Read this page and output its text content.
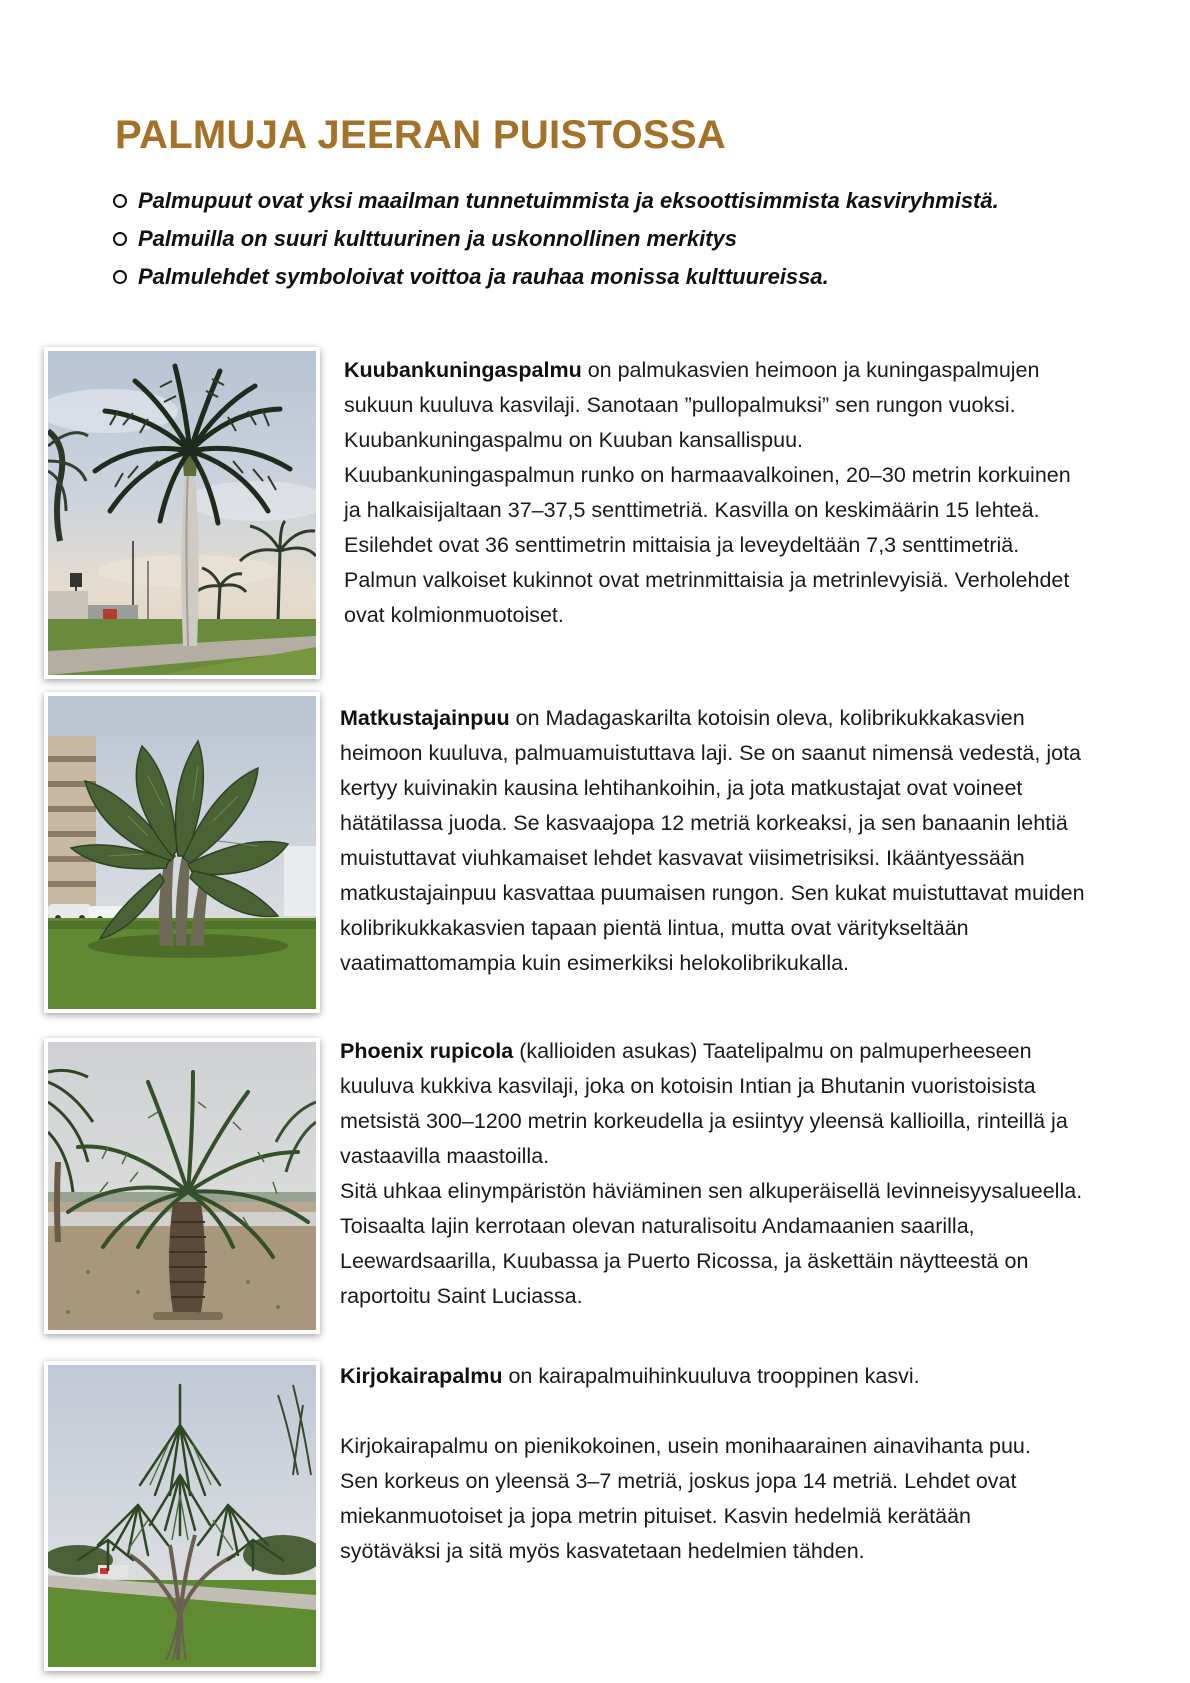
PALMUJA JEERAN PUISTOSSA
Palmupuut ovat yksi maailman tunnetuimmista ja eksoottisimmista kasviryhmistä.
Palmuilla on suuri kulttuurinen ja uskonnollinen merkitys
Palmulehdet symboloivat voittoa ja rauhaa monissa kulttuureissa.

Kuubankuningaspalmu on palmukasvien heimoon ja kuningaspalmujen
sukuun kuuluva kasvilaji. Sanotaan ”pullopalmuksi” sen rungon vuoksi.
Kuubankuningaspalmu on Kuuban kansallispuu.
Kuubankuningaspalmun runko on harmaavalkoinen, 20–30 metrin korkuinen
ja halkaisijaltaan 37–37,5 senttimetriä. Kasvilla on keskimäärin 15 lehteä.
Esilehdet ovat 36 senttimetrin mittaisia ja leveydeltään 7,3 senttimetriä.
Palmun valkoiset kukinnot ovat metrinmittaisia ja metrinlevyisiä. Verholehdet
ovat kolmionmuotoiset.

Matkustajainpuu on Madagaskarilta kotoisin oleva, kolibrikukkakasvien
heimoon kuuluva, palmuamuistuttava laji. Se on saanut nimensä vedestä, jota
kertyy kuivinakin kausina lehtihankoihin, ja jota matkustajat ovat voineet
hätätilassa juoda. Se kasvaajopa 12 metriä korkeaksi, ja sen banaanin lehtiä
muistuttavat viuhkamaiset lehdet kasvavat viisimetrisiksi. Ikääntyessään
matkustajainpuu kasvattaa puumaisen rungon. Sen kukat muistuttavat muiden
kolibrikukkakasvien tapaan pientä lintua, mutta ovat väritykseltään
vaatimattomampia kuin esimerkiksi helokolibrikukalla.

Phoenix rupicola (kallioiden asukas) Taatelipalmu on palmuperheeseen
kuuluva kukkiva kasvilaji, joka on kotoisin Intian ja Bhutanin vuoristoisista
metsistä 300–1200 metrin korkeudella ja esiintyy yleensä kallioilla, rinteillä ja
vastaavilla maastoilla.
Sitä uhkaa elinympäristön häviäminen sen alkuperäisellä levinneisyysalueella.
Toisaalta lajin kerrotaan olevan naturalisoitu Andamaanien saarilla,
Leewardsaarilla, Kuubassa ja Puerto Ricossa, ja äskettäin näytteestä on
raportoitu Saint Luciassa.

Kirjokairapalmu on kairapalmuihinkuuluva trooppinen kasvi.
Kirjokairapalmu on pienikokoinen, usein monihaarainen ainavihanta puu.
Sen korkeus on yleensä 3–7 metriä, joskus jopa 14 metriä. Lehdet ovat
miekanmuotoiset ja jopa metrin pituiset. Kasvin hedelmiä kerätään
syötäväksi ja sitä myös kasvatetaan hedelmien tähden.
